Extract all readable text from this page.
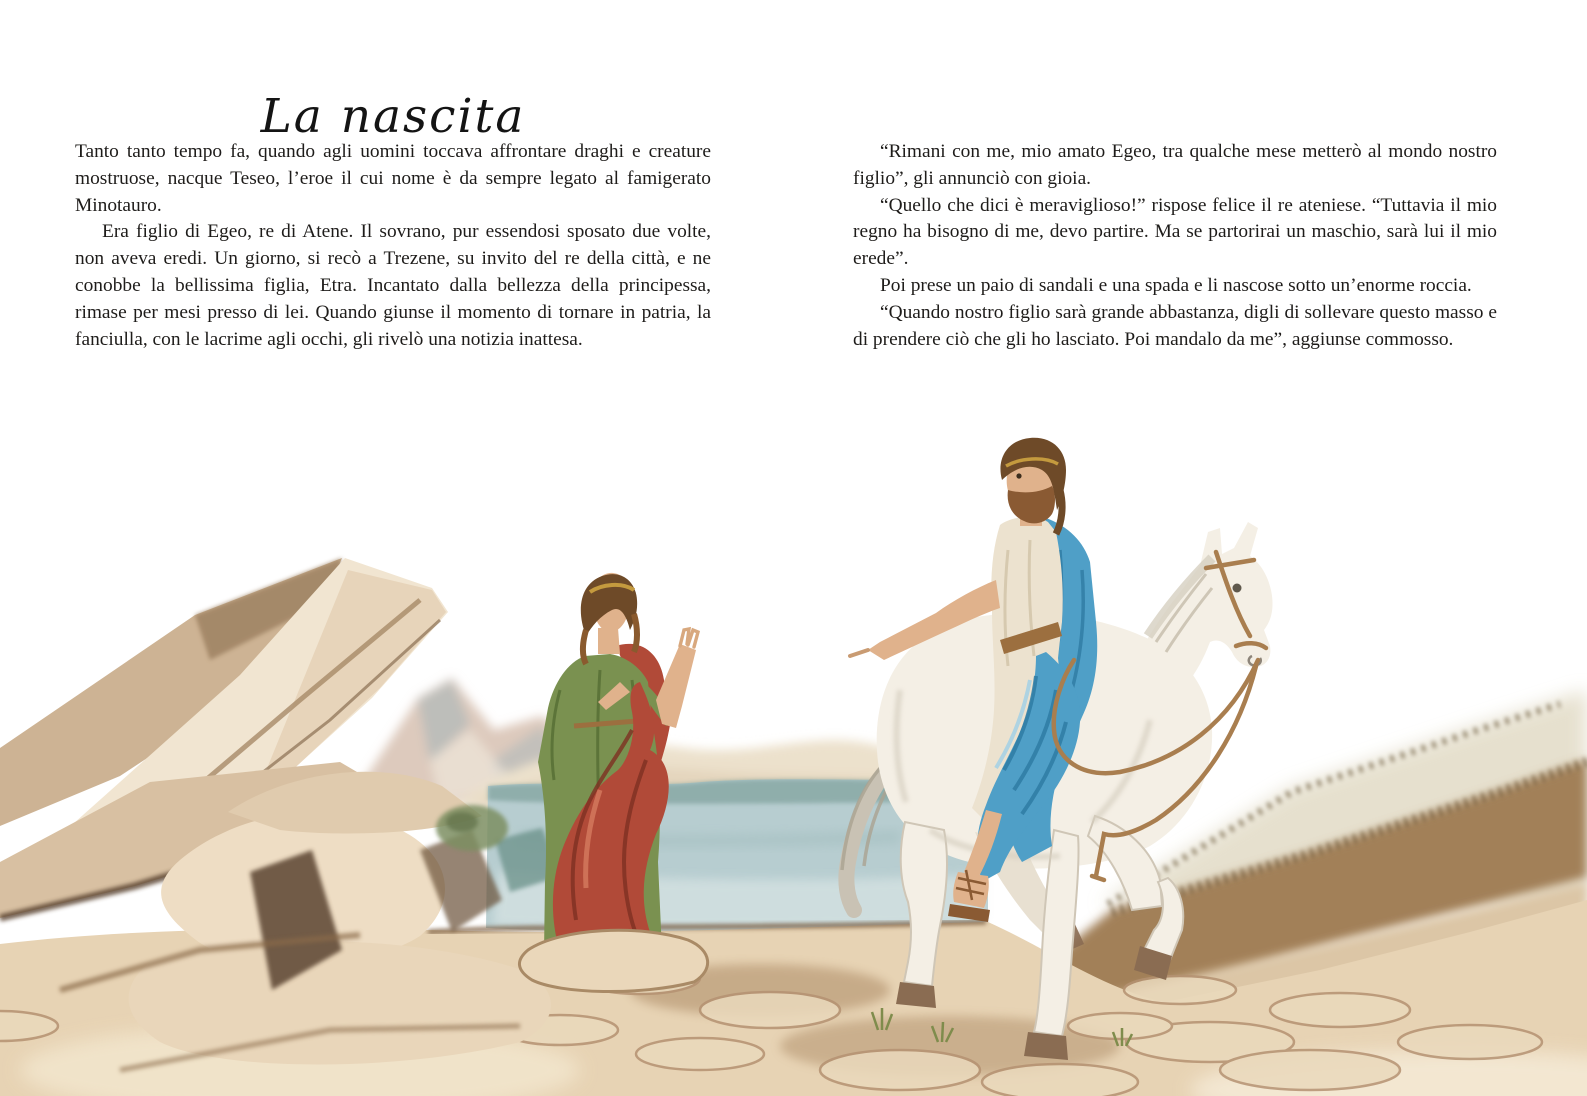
La nascita

Tanto tanto tempo fa, quando agli uomini toccava affrontare draghi e creature mostruose, nacque Teseo, l’eroe il cui nome è da sempre legato al famigerato Minotauro.

Era figlio di Egeo, re di Atene. Il sovrano, pur essendosi sposato due volte, non aveva eredi. Un giorno, si recò a Trezene, su invito del re della città, e ne conobbe la bellissima figlia, Etra. Incantato dalla bellezza della principessa, rimase per mesi presso di lei. Quando giunse il momento di tornare in patria, la fanciulla, con le lacrime agli occhi, gli rivelò una notizia inattesa.

“Rimani con me, mio amato Egeo, tra qualche mese metterò al mondo nostro figlio”, gli annunciò con gioia.

“Quello che dici è meraviglioso!” rispose felice il re ateniese. “Tuttavia il mio regno ha bisogno di me, devo partire. Ma se partorirai un maschio, sarà lui il mio erede”.

Poi prese un paio di sandali e una spada e li nascose sotto un’enorme roccia.

“Quando nostro figlio sarà grande abbastanza, digli di sollevare questo masso e di prendere ciò che gli ho lasciato. Poi mandalo da me”, aggiunse commosso.
